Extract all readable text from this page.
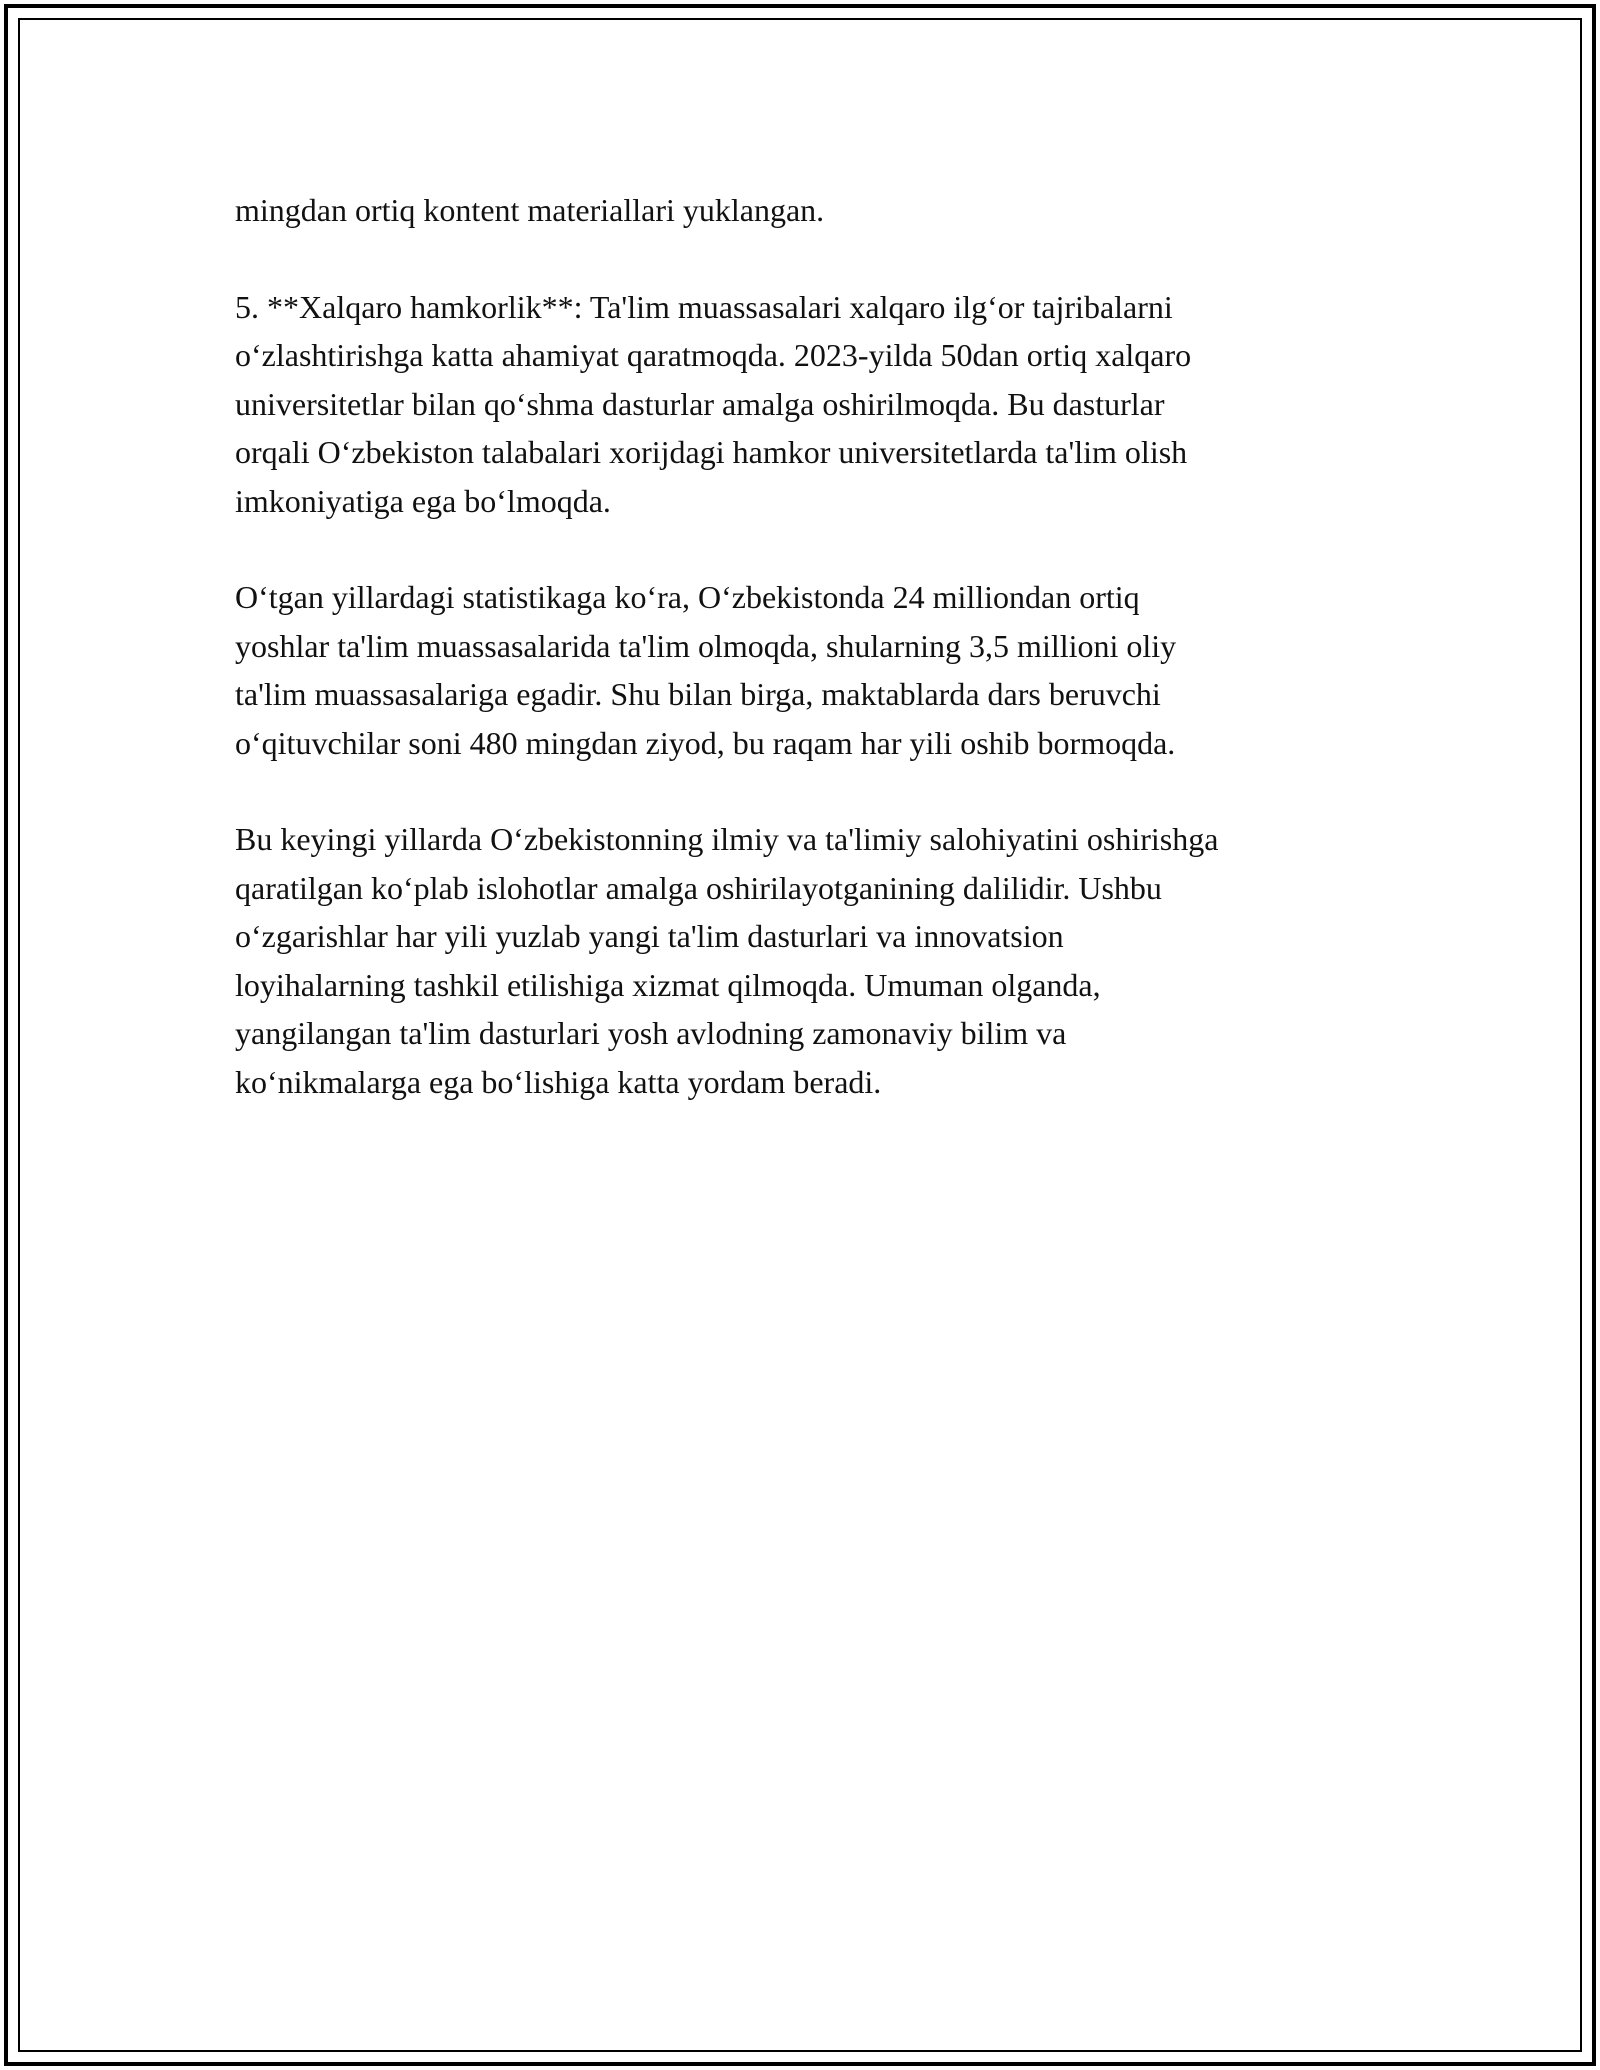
mingdan ortiq kontent materiallari yuklangan.

5. **Xalqaro hamkorlik**: Ta'lim muassasalari xalqaro ilg‘or tajribalarni
o‘zlashtirishga katta ahamiyat qaratmoqda. 2023-yilda 50dan ortiq xalqaro
universitetlar bilan qo‘shma dasturlar amalga oshirilmoqda. Bu dasturlar
orqali O‘zbekiston talabalari xorijdagi hamkor universitetlarda ta'lim olish
imkoniyatiga ega bo‘lmoqda.

O‘tgan yillardagi statistikaga ko‘ra, O‘zbekistonda 24 milliondan ortiq
yoshlar ta'lim muassasalarida ta'lim olmoqda, shularning 3,5 millioni oliy
ta'lim muassasalariga egadir. Shu bilan birga, maktablarda dars beruvchi
o‘qituvchilar soni 480 mingdan ziyod, bu raqam har yili oshib bormoqda.

Bu keyingi yillarda O‘zbekistonning ilmiy va ta'limiy salohiyatini oshirishga
qaratilgan ko‘plab islohotlar amalga oshirilayotganining dalilidir. Ushbu
o‘zgarishlar har yili yuzlab yangi ta'lim dasturlari va innovatsion
loyihalarning tashkil etilishiga xizmat qilmoqda. Umuman olganda,
yangilangan ta'lim dasturlari yosh avlodning zamonaviy bilim va
ko‘nikmalarga ega bo‘lishiga katta yordam beradi.
